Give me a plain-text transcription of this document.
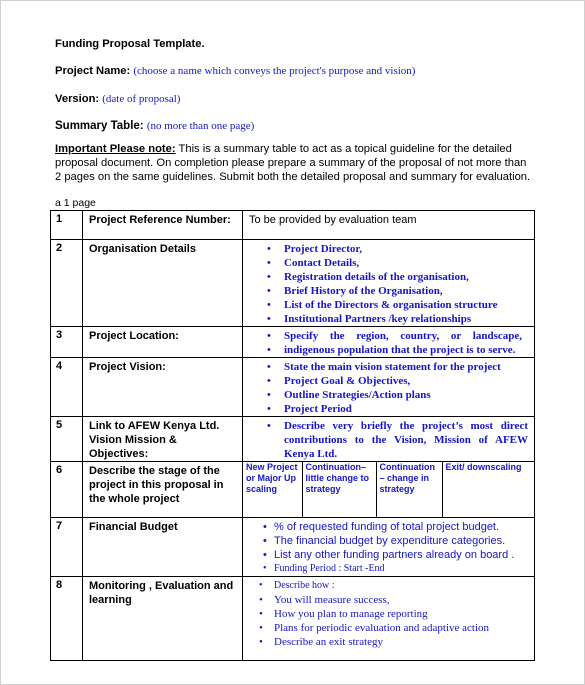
Funding Proposal Template.
Project Name: (choose a name which conveys the project's purpose and vision)
Version: (date of proposal)
Summary Table: (no more than one page)
Important Please note: This is a summary table to act as a topical guideline for the detailed proposal document. On completion please prepare a summary of the proposal of not more than 2 pages on the same guidelines. Submit both the detailed proposal and summary for evaluation.
a 1 page
1	Project Reference Number:	To be provided by evaluation team
2	Organisation Details	
•Project Director,
• Contact Details,
• Registration details of the organisation,
• Brief History of the Organisation,
• List of the Directors & organisation structure
• Institutional Partners /key relationships

3	Project Location:	
•Specify the region, country, or landscape,
• indigenous population that the project is to serve.

4	Project Vision:	
•State the main vision statement for the project
• Project Goal & Objectives,
• Outline Strategies/Action plans
• Project Period

5	Link to AFEW Kenya Ltd. Vision Mission & Objectives:	
• Describe very briefly the project’s most direct contributions to the Vision, Mission of AFEW Kenya Ltd.

6	Describe the stage of the project in this proposal in the whole project	
New Project or Major Up scaling	Continuation– little change to strategy	Continuation – change in strategy	Exit/ downscaling

7	Financial Budget	
•% of requested funding of total project budget.
• The financial budget by expenditure categories.
• List any other funding partners already on board .
• Funding Period : Start -End

8	Monitoring , Evaluation and learning	
• Describe how :
• You will measure success,
• How you plan to manage reporting
• Plans for periodic evaluation and adaptive action
• Describe an exit strategy
